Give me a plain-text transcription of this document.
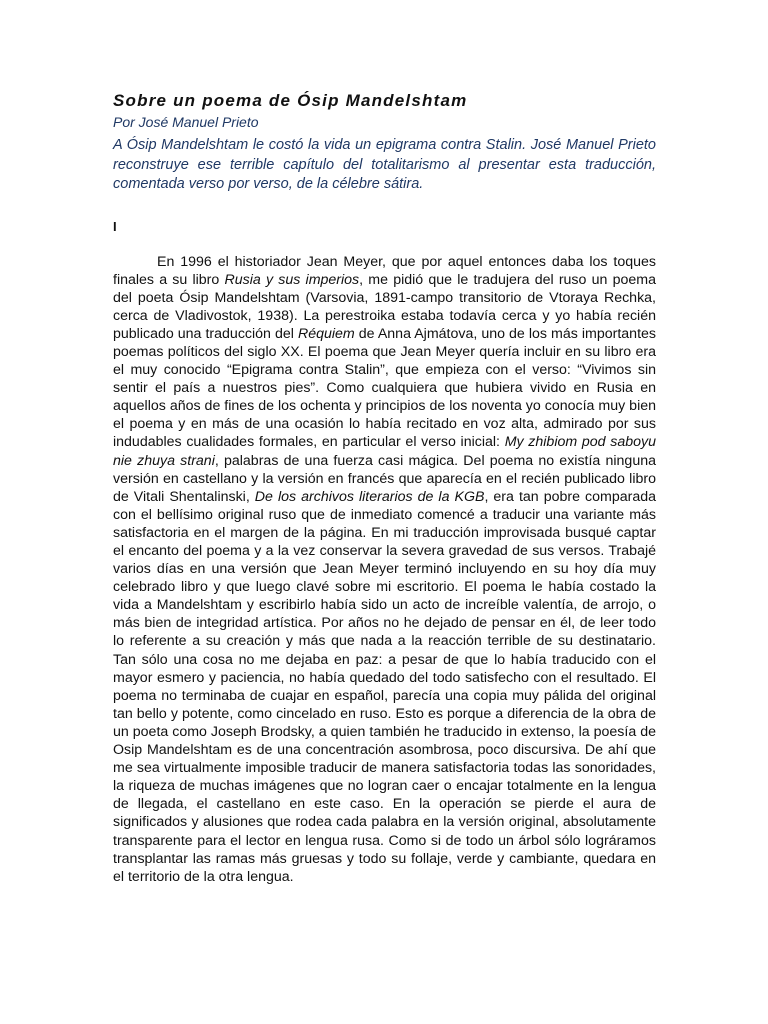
Sobre un poema de Ósip Mandelshtam
Por José Manuel Prieto

A Ósip Mandelshtam le costó la vida un epigrama contra Stalin. José Manuel Prieto reconstruye ese terrible capítulo del totalitarismo al presentar esta traducción, comentada verso por verso, de la célebre sátira.

I

En 1996 el historiador Jean Meyer, que por aquel entonces daba los toques finales a su libro Rusia y sus imperios, me pidió que le tradujera del ruso un poema del poeta Ósip Mandelshtam (Varsovia, 1891-campo transitorio de Vtoraya Rechka, cerca de Vladivostok, 1938). La perestroika estaba todavía cerca y yo había recién publicado una traducción del Réquiem de Anna Ajmátova, uno de los más importantes poemas políticos del siglo XX. El poema que Jean Meyer quería incluir en su libro era el muy conocido “Epigrama contra Stalin”, que empieza con el verso: “Vivimos sin sentir el país a nuestros pies”. Como cualquiera que hubiera vivido en Rusia en aquellos años de fines de los ochenta y principios de los noventa yo conocía muy bien el poema y en más de una ocasión lo había recitado en voz alta, admirado por sus indudables cualidades formales, en particular el verso inicial: My zhibiom pod saboyu nie zhuya strani, palabras de una fuerza casi mágica. Del poema no existía ninguna versión en castellano y la versión en francés que aparecía en el recién publicado libro de Vitali Shentalinski, De los archivos literarios de la KGB, era tan pobre comparada con el bellísimo original ruso que de inmediato comencé a traducir una variante más satisfactoria en el margen de la página. En mi traducción improvisada busqué captar el encanto del poema y a la vez conservar la severa gravedad de sus versos. Trabajé varios días en una versión que Jean Meyer terminó incluyendo en su hoy día muy celebrado libro y que luego clavé sobre mi escritorio. El poema le había costado la vida a Mandelshtam y escribirlo había sido un acto de increíble valentía, de arrojo, o más bien de integridad artística. Por años no he dejado de pensar en él, de leer todo lo referente a su creación y más que nada a la reacción terrible de su destinatario. Tan sólo una cosa no me dejaba en paz: a pesar de que lo había traducido con el mayor esmero y paciencia, no había quedado del todo satisfecho con el resultado. El poema no terminaba de cuajar en español, parecía una copia muy pálida del original tan bello y potente, como cincelado en ruso. Esto es porque a diferencia de la obra de un poeta como Joseph Brodsky, a quien también he traducido in extenso, la poesía de Osip Mandelshtam es de una concentración asombrosa, poco discursiva. De ahí que me sea virtualmente imposible traducir de manera satisfactoria todas las sonoridades, la riqueza de muchas imágenes que no logran caer o encajar totalmente en la lengua de llegada, el castellano en este caso. En la operación se pierde el aura de significados y alusiones que rodea cada palabra en la versión original, absolutamente transparente para el lector en lengua rusa. Como si de todo un árbol sólo lográramos transplantar las ramas más gruesas y todo su follaje, verde y cambiante, quedara en el territorio de la otra lengua.
